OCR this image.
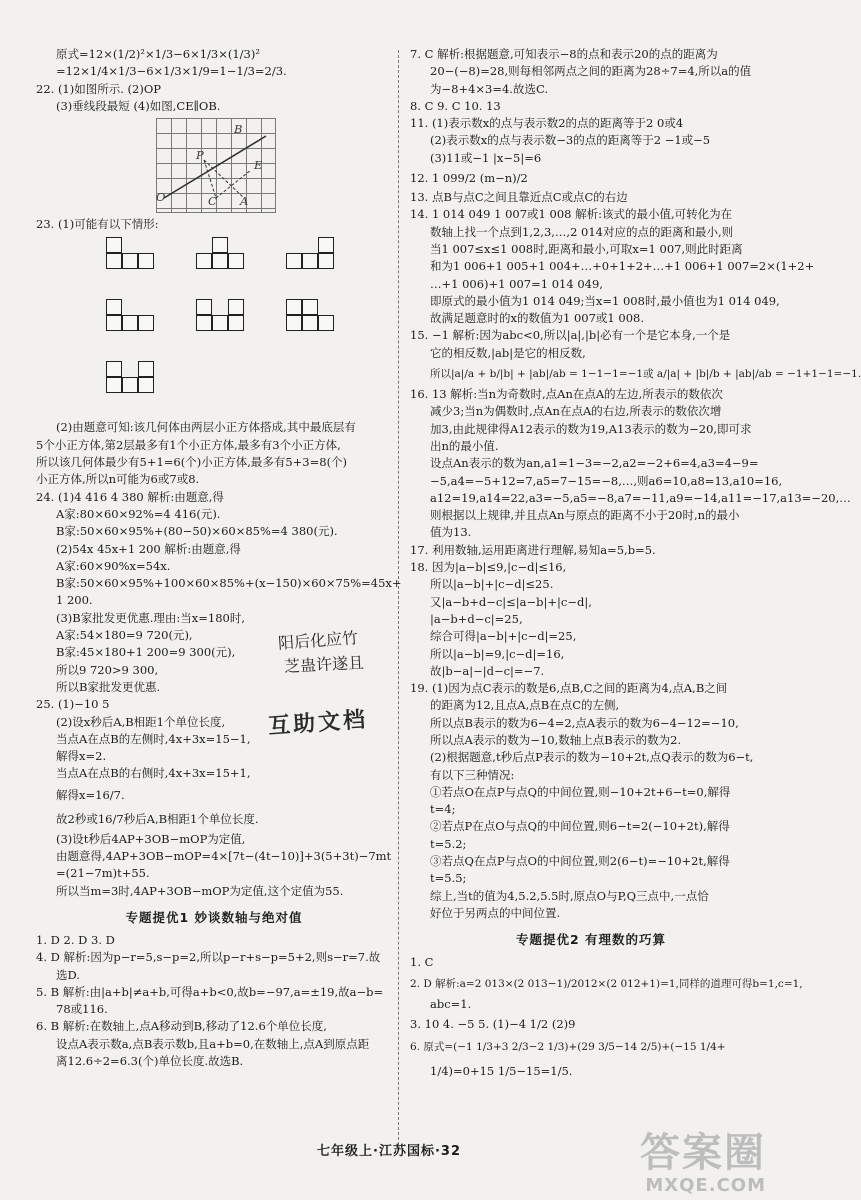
原式=12×(1/2)²×1/3−6×1/3×(1/3)²
=12×1/4×1/3−6×1/3×1/9=1−1/3=2/3.
22. (1)如图所示. (2)OP
(3)垂线段最短 (4)如图,CE∥OB.
B
P
E
O	C A
23. (1)可能有以下情形:
(2)由题意可知:该几何体由两层小正方体搭成,其中最底层有
5个小正方体,第2层最多有1个小正方体,最多有3个小正方体,
所以该几何体最少有5+1=6(个)小正方体,最多有5+3=8(个)
小正方体,所以n可能为6或7或8.
24. (1)4 416 4 380 解析:由题意,得
A家:80×60×92%=4 416(元).
B家:50×60×95%+(80−50)×60×85%=4 380(元).
(2)54x 45x+1 200 解析:由题意,得
A家:60×90%x=54x.
B家:50×60×95%+100×60×85%+(x−150)×60×75%=45x+
1 200.
(3)B家批发更优惠.理由:当x=180时,
A家:54×180=9 720(元),
B家:45×180+1 200=9 300(元),
所以9 720>9 300,
所以B家批发更优惠.
25. (1)−10 5
(2)设x秒后A,B相距1个单位长度,
当点A在点B的左侧时,4x+3x=15−1,
解得x=2.
当点A在点B的右侧时,4x+3x=15+1,
解得x=16/7.
故2秒或16/7秒后A,B相距1个单位长度.
(3)设t秒后4AP+3OB−mOP为定值,
由题意得,4AP+3OB−mOP=4×[7t−(4t−10)]+3(5+3t)−7mt
=(21−7m)t+55.
所以当m=3时,4AP+3OB−mOP为定值,这个定值为55.
专题提优1 妙谈数轴与绝对值
1. D 2. D 3. D
4. D 解析:因为p−r=5,s−p=2,所以p−r+s−p=5+2,则s−r=7.故
选D.
5. B 解析:由|a+b|≠a+b,可得a+b<0,故b=−97,a=±19,故a−b=
78或116.
6. B 解析:在数轴上,点A移动到B,移动了12.6个单位长度,
设点A表示数a,点B表示数b,且a+b=0,在数轴上,点A到原点距
离12.6÷2=6.3(个)单位长度.故选B.
阳后化应竹
芝蛊许遂且
互助文档
7. C 解析:根据题意,可知表示−8的点和表示20的点的距离为
20−(−8)=28,则每相邻两点之间的距离为28÷7=4,所以a的值
为−8+4×3=4.故选C.
8. C 9. C 10. 13
11. (1)表示数x的点与表示数2的点的距离等于2 0或4
(2)表示数x的点与表示数−3的点的距离等于2 −1或−5
(3)11或−1 |x−5|=6
12. 1 099/2 (m−n)/2
13. 点B与点C之间且靠近点C或点C的右边
14. 1 014 049 1 007或1 008 解析:该式的最小值,可转化为在
数轴上找一个点到1,2,3,…,2 014对应的点的距离和最小,则
当1 007≤x≤1 008时,距离和最小,可取x=1 007,则此时距离
和为1 006+1 005+1 004+…+0+1+2+…+1 006+1 007=2×(1+2+
…+1 006)+1 007=1 014 049,
即原式的最小值为1 014 049;当x=1 008时,最小值也为1 014 049,
故满足题意时的x的数值为1 007或1 008.
15. −1 解析:因为abc<0,所以|a|,|b|必有一个是它本身,一个是
它的相反数,|ab|是它的相反数,
所以|a|/a + b/|b| + |ab|/ab = 1−1−1=−1或 a/|a| + |b|/b + |ab|/ab = −1+1−1=−1.
16. 13 解析:当n为奇数时,点An在点A的左边,所表示的数依次
减少3;当n为偶数时,点An在点A的右边,所表示的数依次增
加3,由此规律得A12表示的数为19,A13表示的数为−20,即可求
出n的最小值.
设点An表示的数为an,a1=1−3=−2,a2=−2+6=4,a3=4−9=
−5,a4=−5+12=7,a5=7−15=−8,…,则a6=10,a8=13,a10=16,
a12=19,a14=22,a3=−5,a5=−8,a7=−11,a9=−14,a11=−17,a13=−20,…
则根据以上规律,并且点An与原点的距离不小于20时,n的最小
值为13.
17. 利用数轴,运用距离进行理解,易知a=5,b=5.
18. 因为|a−b|≤9,|c−d|≤16,
所以|a−b|+|c−d|≤25.
又|a−b+d−c|≤|a−b|+|c−d|,
|a−b+d−c|=25,
综合可得|a−b|+|c−d|=25,
所以|a−b|=9,|c−d|=16,
故|b−a|−|d−c|=−7.
19. (1)因为点C表示的数是6,点B,C之间的距离为4,点A,B之间
的距离为12,且点A,点B在点C的左侧,
所以点B表示的数为6−4=2,点A表示的数为6−4−12=−10,
所以点A表示的数为−10,数轴上点B表示的数为2.
(2)根据题意,t秒后点P表示的数为−10+2t,点Q表示的数为6−t,
有以下三种情况:
①若点O在点P与点Q的中间位置,则−10+2t+6−t=0,解得
t=4;
②若点P在点O与点Q的中间位置,则6−t=2(−10+2t),解得
t=5.2;
③若点Q在点P与点O的中间位置,则2(6−t)=−10+2t,解得
t=5.5;
综上,当t的值为4,5.2,5.5时,原点O与P,Q三点中,一点恰
好位于另两点的中间位置.
专题提优2 有理数的巧算
1. C
2. D 解析:a=2 013×(2 013−1)/2012×(2 012+1)=1,同样的道理可得b=1,c=1,
abc=1.
3. 10 4. −5 5. (1)−4 1/2 (2)9
6. 原式=(−1 1/3+3 2/3−2 1/3)+(29 3/5−14 2/5)+(−15 1/4+
1/4)=0+15 1/5−15=1/5.
七年级上·江苏国标·32	答案圈
MXQE.COM
